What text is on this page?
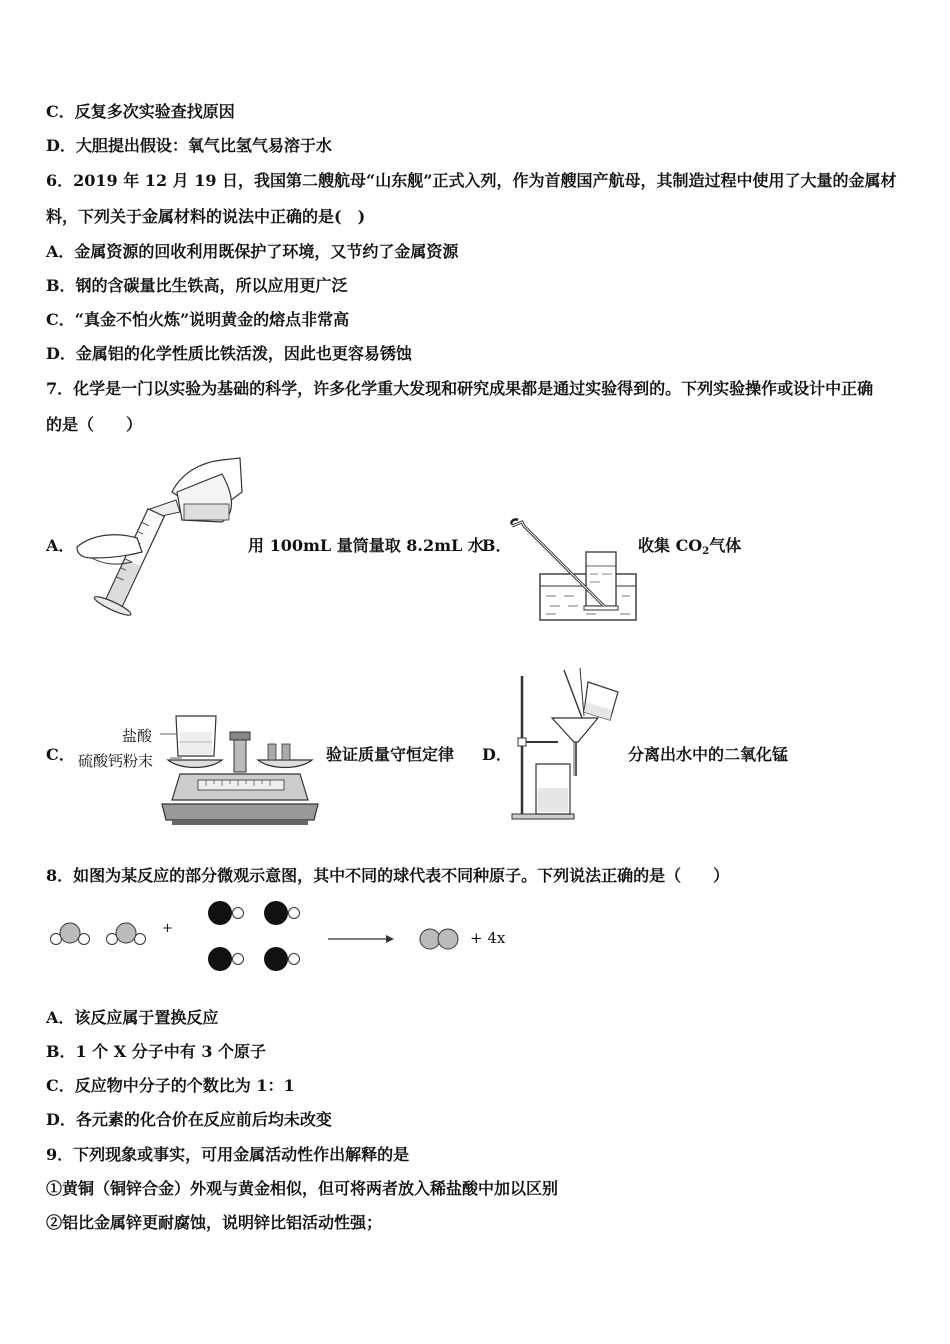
C．反复多次实验查找原因
D．大胆提出假设：氧气比氢气易溶于水
6．2019 年 12 月 19 日，我国第二艘航母“山东舰”正式入列，作为首艘国产航母，其制造过程中使用了大量的金属材
料，下列关于金属材料的说法中正确的是(　)
A．金属资源的回收利用既保护了环境，又节约了金属资源
B．钢的含碳量比生铁高，所以应用更广泛
C．“真金不怕火炼”说明黄金的熔点非常高
D．金属铝的化学性质比铁活泼，因此也更容易锈蚀
7．化学是一门以实验为基础的科学，许多化学重大发现和研究成果都是通过实验得到的。下列实验操作或设计中正确
的是（　　）
A．	用 100mL 量筒量取 8.2mL 水
B．	收集 $CO_2$气体
C．
盐酸
硫酸钙粉末	验证质量守恒定律 D．	分离出水中的二氧化锰
8．如图为某反应的部分微观示意图，其中不同的球代表不同种原子。下列说法正确的是（　　）
+
+ 4x
A．该反应属于置换反应
B．1 个 X 分子中有 3 个原子
C．反应物中分子的个数比为 1：1
D．各元素的化合价在反应前后均未改变
9．下列现象或事实，可用金属活动性作出解释的是
①黄铜（铜锌合金）外观与黄金相似，但可将两者放入稀盐酸中加以区别
②铝比金属锌更耐腐蚀，说明锌比铝活动性强；
